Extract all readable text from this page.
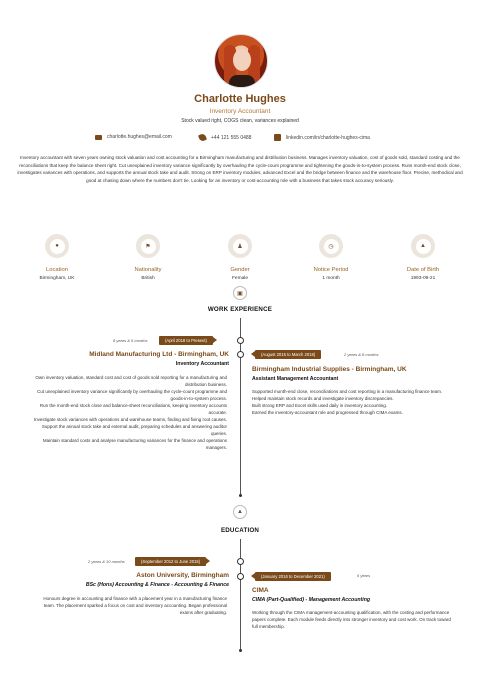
Charlotte Hughes
Inventory Accountant
Stock valued right, COGS clean, variances explained
charlotte.hughes@email.com	+44 121 555 0488	linkedin.com/in/charlotte-hughes-cima
Inventory accountant with seven years owning stock valuation and cost accounting for a Birmingham manufacturing and distribution business. Manages inventory valuation, cost of goods sold, standard costing and the reconciliations that keep the balance sheet right. Cut unexplained inventory variance significantly by overhauling the cycle-count programme and tightening the goods-in-to-system process. Runs month-end stock close, investigates variances with operations, and supports the annual stock take and audit. Strong on ERP inventory modules, advanced Excel and the bridge between finance and the warehouse floor. Precise, methodical and good at chasing down where the numbers don't tie. Looking for an inventory or cost-accounting role with a business that takes stock accuracy seriously.
●
Location
Birmingham, UK
⚑
Nationality
British
♟
Gender
Female
◷
Notice Period
1 month
▲
Date of Birth
1993-09-21
▣
WORK EXPERIENCE
8 years & 5 months	(April 2018 to Present)
Midland Manufacturing Ltd - Birmingham, UK
Inventory Accountant

Own inventory valuation, standard cost and cost of goods sold reporting for a manufacturing and distribution business.

Cut unexplained inventory variance significantly by overhauling the cycle-count programme and goods-in-to-system process.

Run the month-end stock close and balance-sheet reconciliations, keeping inventory accounts accurate.

Investigate stock variances with operations and warehouse teams, finding and fixing root causes.

Support the annual stock take and external audit, preparing schedules and answering auditor queries.

Maintain standard costs and analyse manufacturing variances for the finance and operations managers.

(August 2015 to March 2018)	2 years & 8 months
Birmingham Industrial Supplies - Birmingham, UK
Assistant Management Accountant

Supported month-end close, reconciliations and cost reporting in a manufacturing finance team.

Helped maintain stock records and investigate inventory discrepancies.

Built strong ERP and Excel skills used daily in inventory accounting.

Earned the inventory-accountant role and progressed through CIMA exams.

▲
EDUCATION
2 years & 10 months	(September 2012 to June 2015)
Aston University, Birmingham
BSc (Hons) Accounting & Finance - Accounting & Finance
Honours degree in accounting and finance with a placement year in a manufacturing finance team. The placement sparked a focus on cost and inventory accounting. Began professional exams after graduating.
(January 2016 to December 2021)	6 years
CIMA
CIMA (Part-Qualified) - Management Accounting
Working through the CIMA management-accounting qualification, with the costing and performance papers complete. Each module feeds directly into stronger inventory and cost work. On track toward full membership.
